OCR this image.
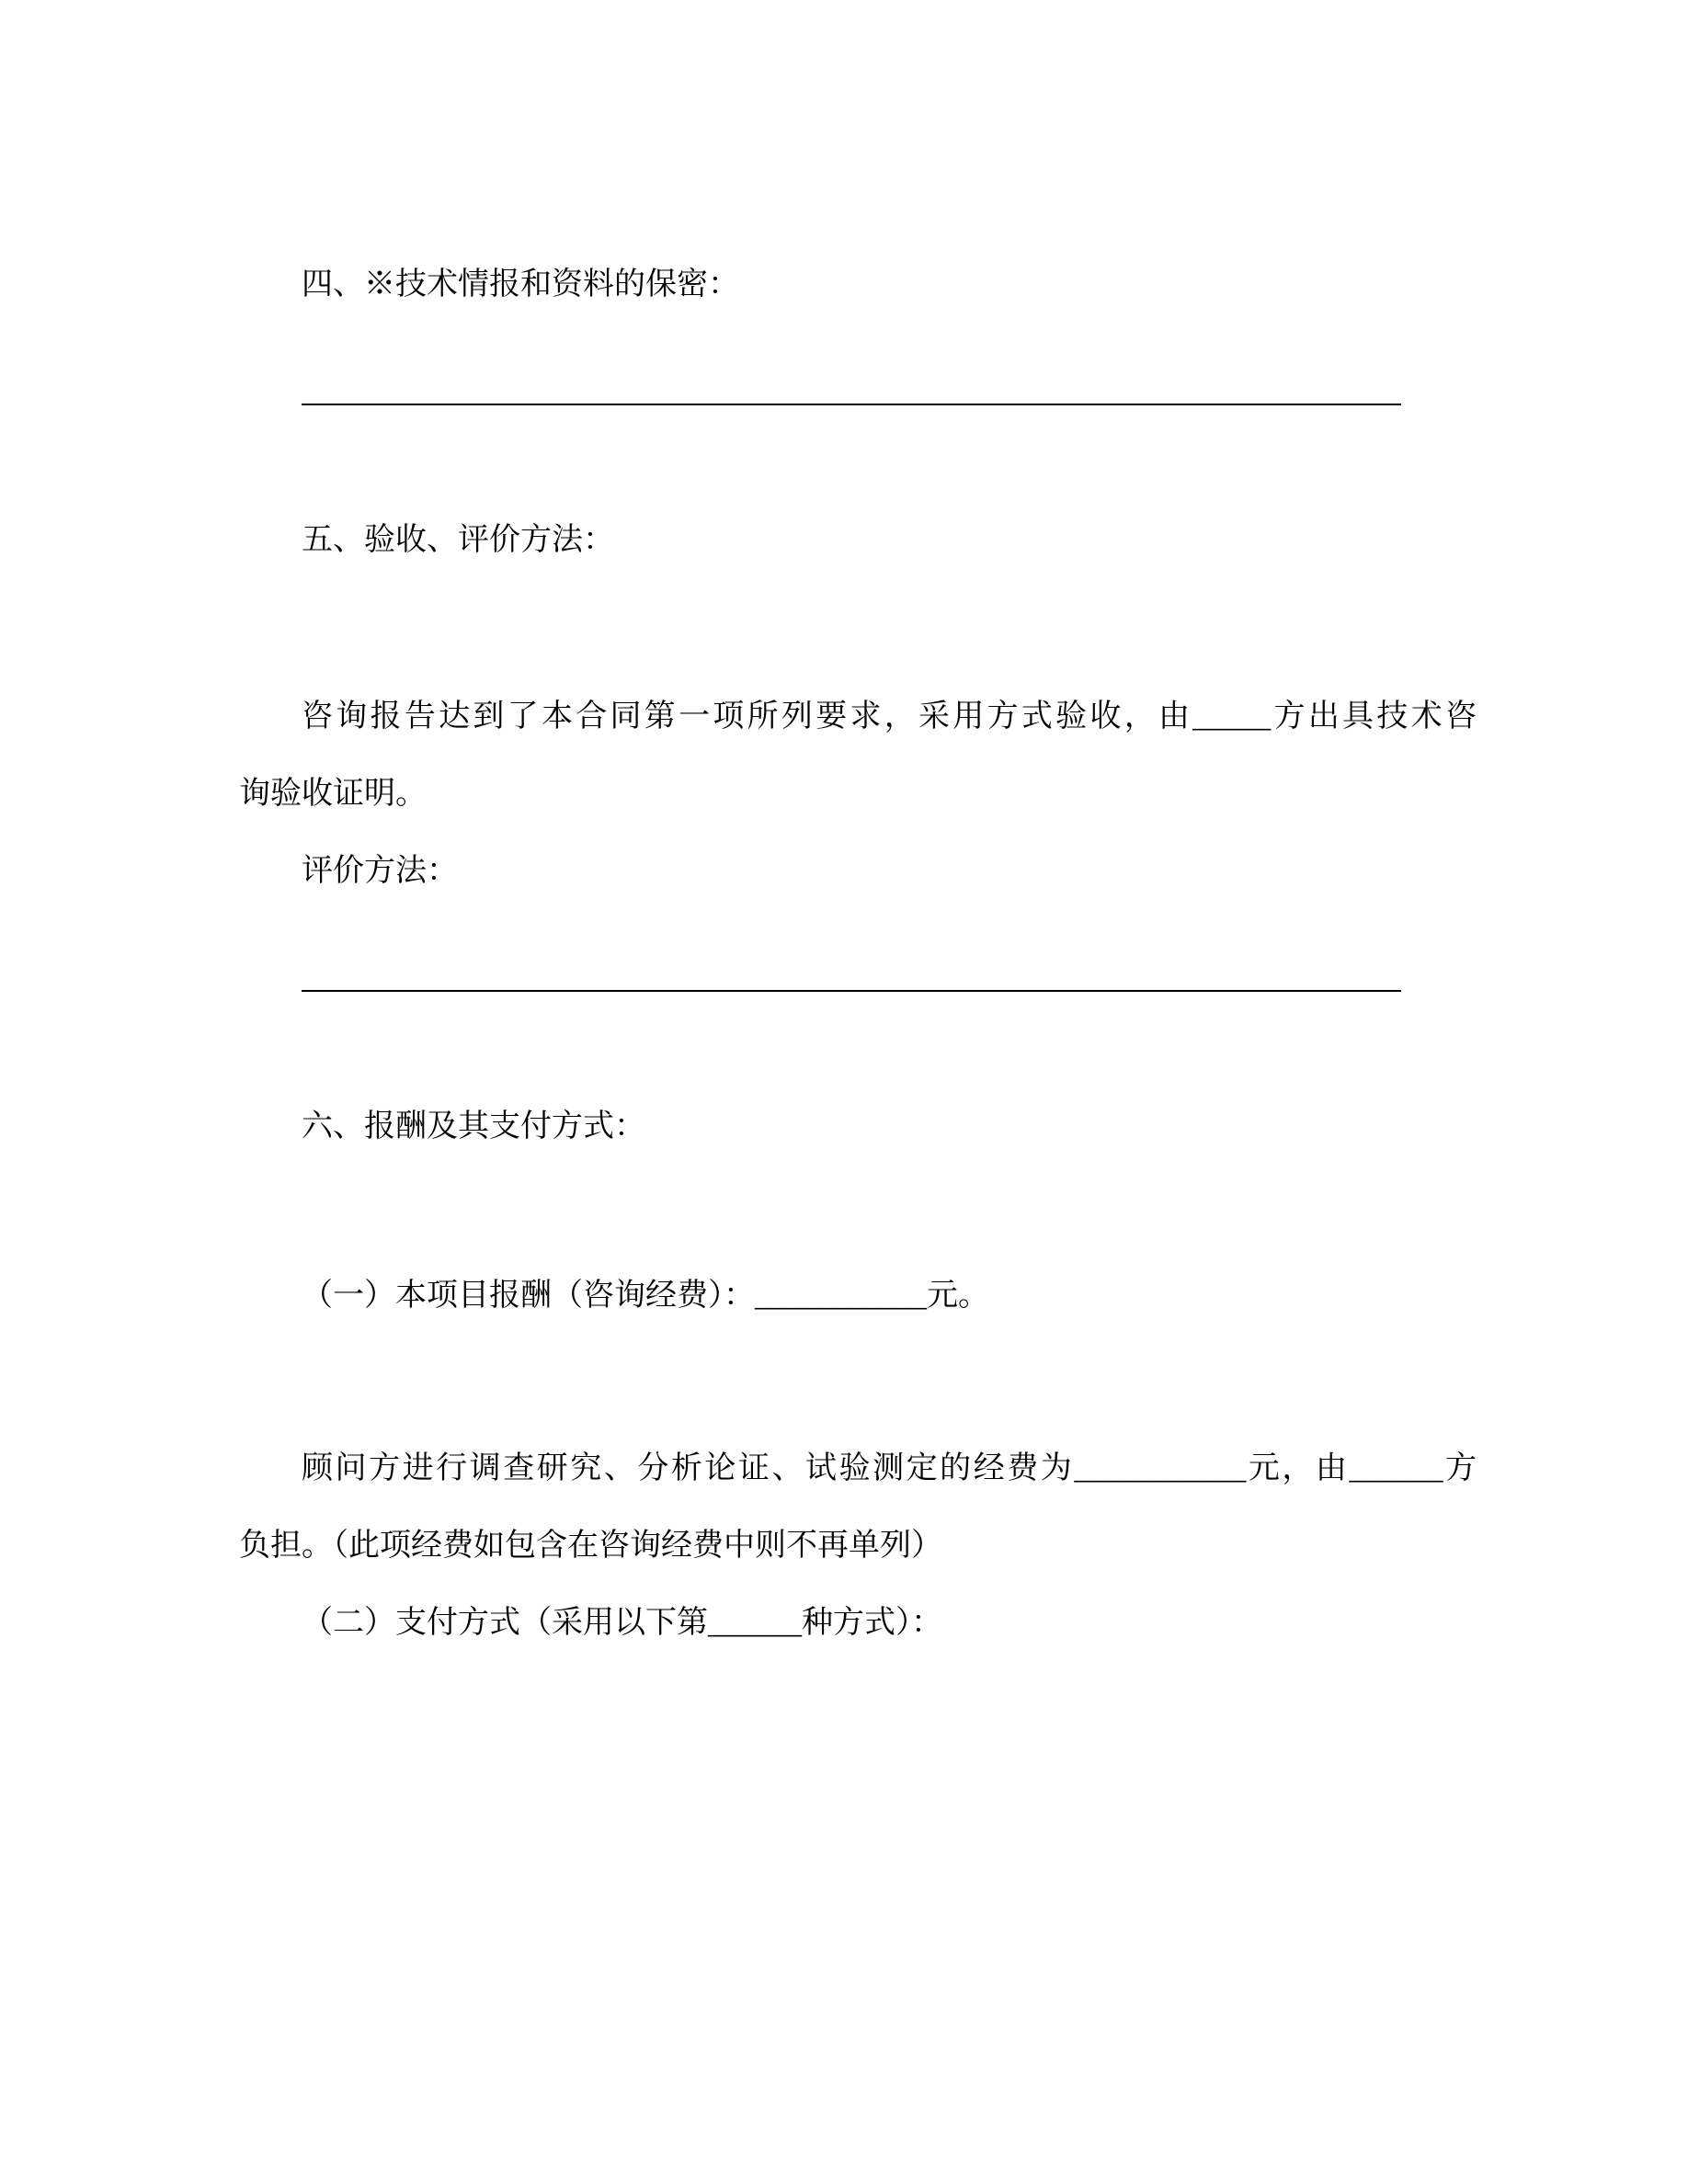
四、※技术情报和资料的保密：
五、验收、评价方法：
咨询报告达到了本合同第一项所列要求，采用方式验收，由_____方出具技术咨
询验收证明。
评价方法：
六、报酬及其支付方式：
（一）本项目报酬（咨询经费）：___________元。
顾问方进行调查研究、分析论证、试验测定的经费为___________元，由______方
负担。（此项经费如包含在咨询经费中则不再单列）
（二）支付方式（采用以下第______种方式）：
